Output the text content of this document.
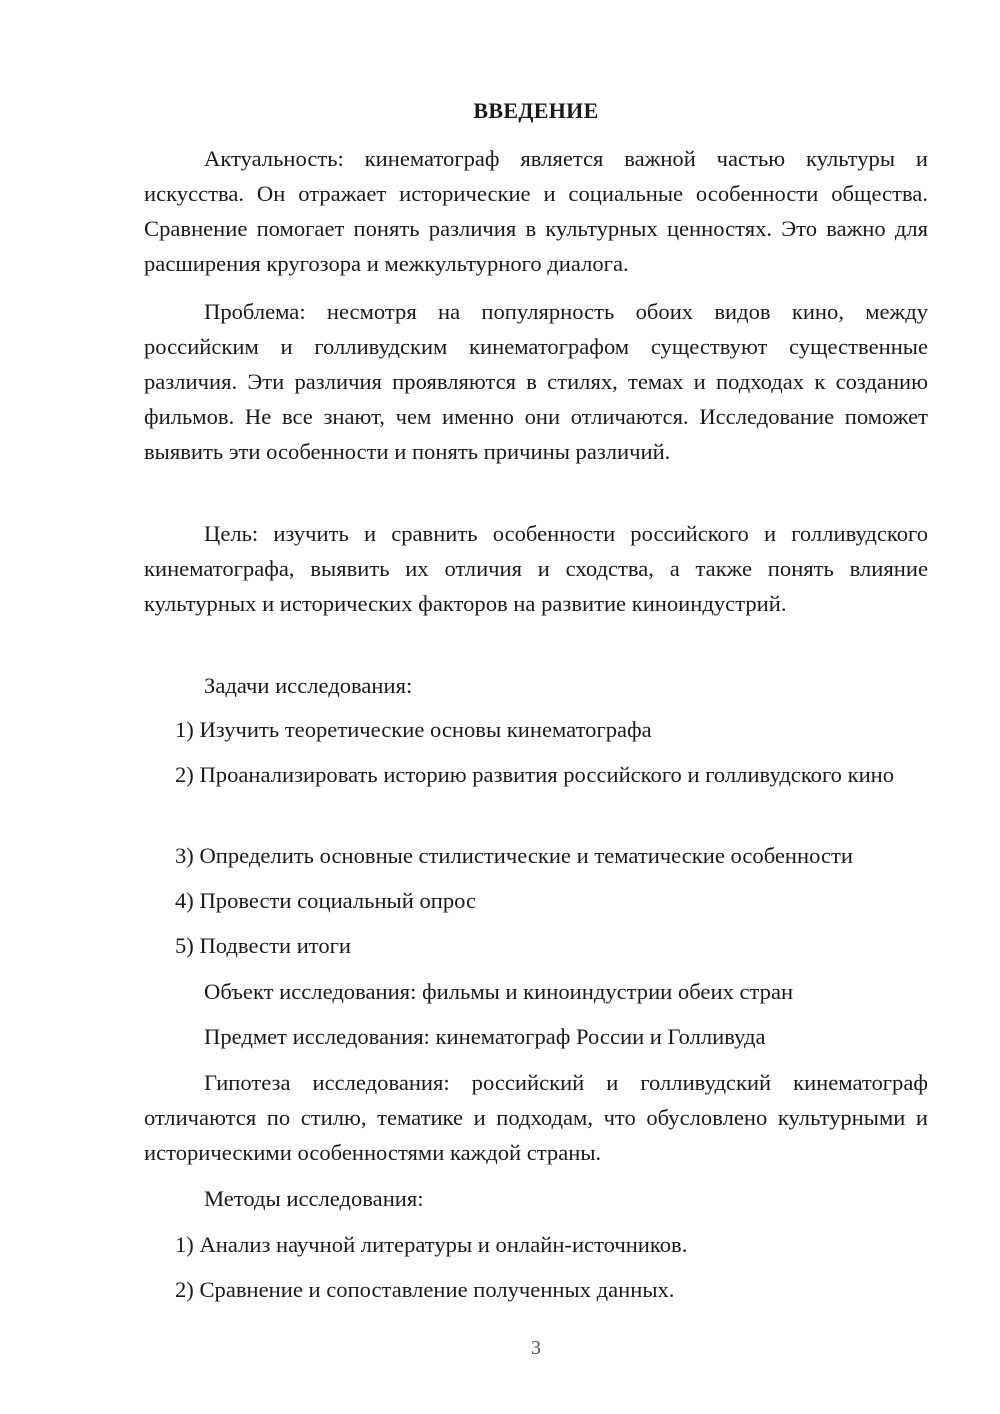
ВВЕДЕНИЕ

Актуальность: кинематограф является важной частью культуры и искусства. Он отражает исторические и социальные особенности общества. Сравнение помогает понять различия в культурных ценностях. Это важно для расширения кругозора и межкультурного диалога.

Проблема: несмотря на популярность обоих видов кино, между российским и голливудским кинематографом существуют существенные различия. Эти различия проявляются в стилях, темах и подходах к созданию фильмов. Не все знают, чем именно они отличаются. Исследование поможет выявить эти особенности и понять причины различий.

Цель: изучить и сравнить особенности российского и голливудского кинематографа, выявить их отличия и сходства, а также понять влияние культурных и исторических факторов на развитие киноиндустрий.

Задачи исследования:

1) Изучить теоретические основы кинематографа

2) Проанализировать историю развития российского и голливудского кино

3) Определить основные стилистические и тематические особенности

4) Провести социальный опрос

5) Подвести итоги

Объект исследования: фильмы и киноиндустрии обеих стран

Предмет исследования: кинематограф России и Голливуда

Гипотеза исследования: российский и голливудский кинематограф отличаются по стилю, тематике и подходам, что обусловлено культурными и историческими особенностями каждой страны.

Методы исследования:

1) Анализ научной литературы и онлайн-источников.

2) Сравнение и сопоставление полученных данных.

3
